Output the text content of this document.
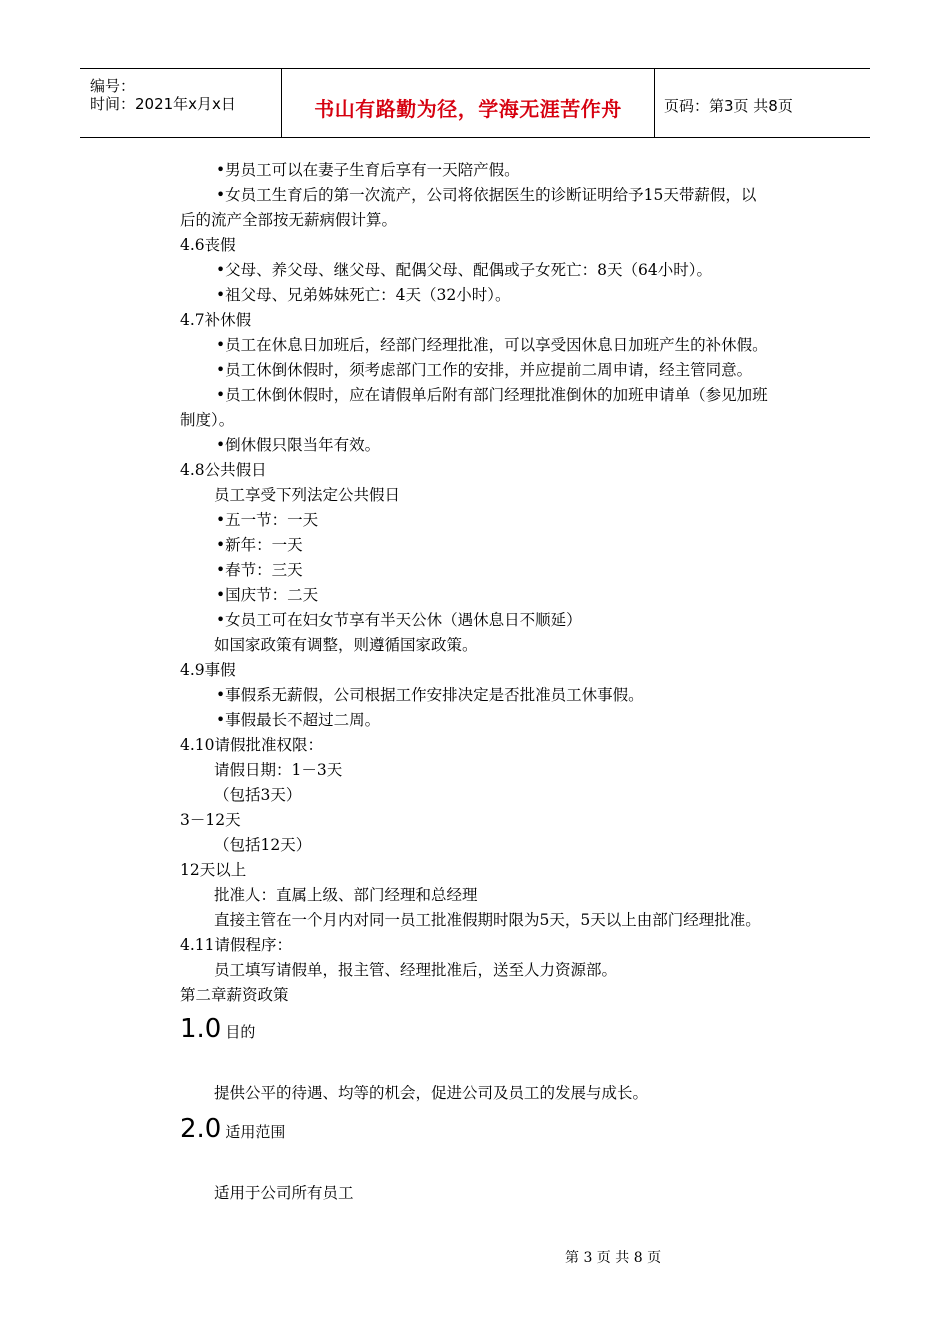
编号：
时间：2021年x月x日	书山有路勤为径，学海无涯苦作舟	页码：第3页 共8页
•男员工可以在妻子生育后享有一天陪产假。
•女员工生育后的第一次流产，公司将依据医生的诊断证明给予15天带薪假，以
后的流产全部按无薪病假计算。
4.6丧假
•父母、养父母、继父母、配偶父母、配偶或子女死亡：8天（64小时）。
•祖父母、兄弟姊妹死亡：4天（32小时）。
4.7补休假
•员工在休息日加班后，经部门经理批准，可以享受因休息日加班产生的补休假。
•员工休倒休假时，须考虑部门工作的安排，并应提前二周申请，经主管同意。
•员工休倒休假时，应在请假单后附有部门经理批准倒休的加班申请单（参见加班
制度）。
•倒休假只限当年有效。
4.8公共假日
员工享受下列法定公共假日
•五一节：一天
•新年：一天
•春节：三天
•国庆节：二天
•女员工可在妇女节享有半天公休（遇休息日不顺延）
如国家政策有调整，则遵循国家政策。
4.9事假
•事假系无薪假，公司根据工作安排决定是否批准员工休事假。
•事假最长不超过二周。
4.10请假批准权限：
请假日期：1－3天
（包括3天）
3－12天
（包括12天）
12天以上
批准人：直属上级、部门经理和总经理
直接主管在一个月内对同一员工批准假期时限为5天，5天以上由部门经理批准。
4.11请假程序：
员工填写请假单，报主管、经理批准后，送至人力资源部。
第二章薪资政策
1.0 目的
提供公平的待遇、均等的机会，促进公司及员工的发展与成长。
2.0 适用范围
适用于公司所有员工
第 3 页 共 8 页
